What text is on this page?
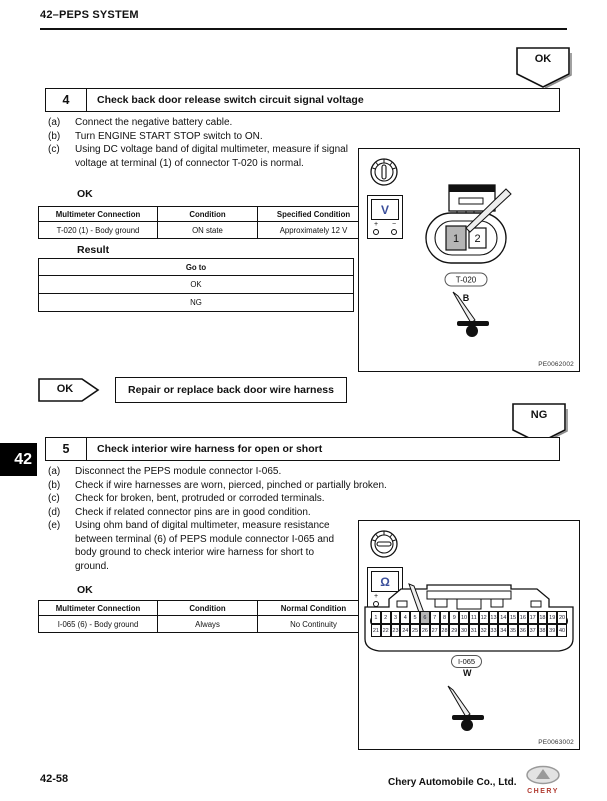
42–PEPS SYSTEM
OK
4	Check back door release switch circuit signal voltage
(a)	Connect the negative battery cable.
(b)	Turn ENGINE START STOP switch to ON.
(c)	Using DC voltage band of digital multimeter, measure if signal voltage at terminal (1) of connector T-020 is normal.
OK
Multimeter Connection	Condition	Specified Condition
T-020 (1) - Body ground	ON state	Approximately 12 V
Result
Go to
OK
NG
V
+ −
1 2
T-020
B
PE0062002
OK	Repair or replace back door wire harness
NG
42
5	Check interior wire harness for open or short
(a)	Disconnect the PEPS module connector I-065.
(b)	Check if wire harnesses are worn, pierced, pinched or partially broken.
(c)	Check for broken, bent, protruded or corroded terminals.
(d)	Check if related connector pins are in good condition.
(e)	Using ohm band of digital multimeter, measure resistance between terminal (6) of PEPS module connector I-065 and body ground to check interior wire harness for short to ground.
OK
Multimeter Connection	Condition	Normal Condition
I-065 (6) - Body ground	Always	No Continuity
Ω
+
1	2	3	4	5	6	7	8	9 10 11 12 13 14 15 16 17 18 19 20
21 22 23 24 25 26 27 28 29 30 31 32 33 34 35 36 37 38 39 40
I-065
W
PE0063002
42-58	Chery Automobile Co., Ltd.
CHERY
